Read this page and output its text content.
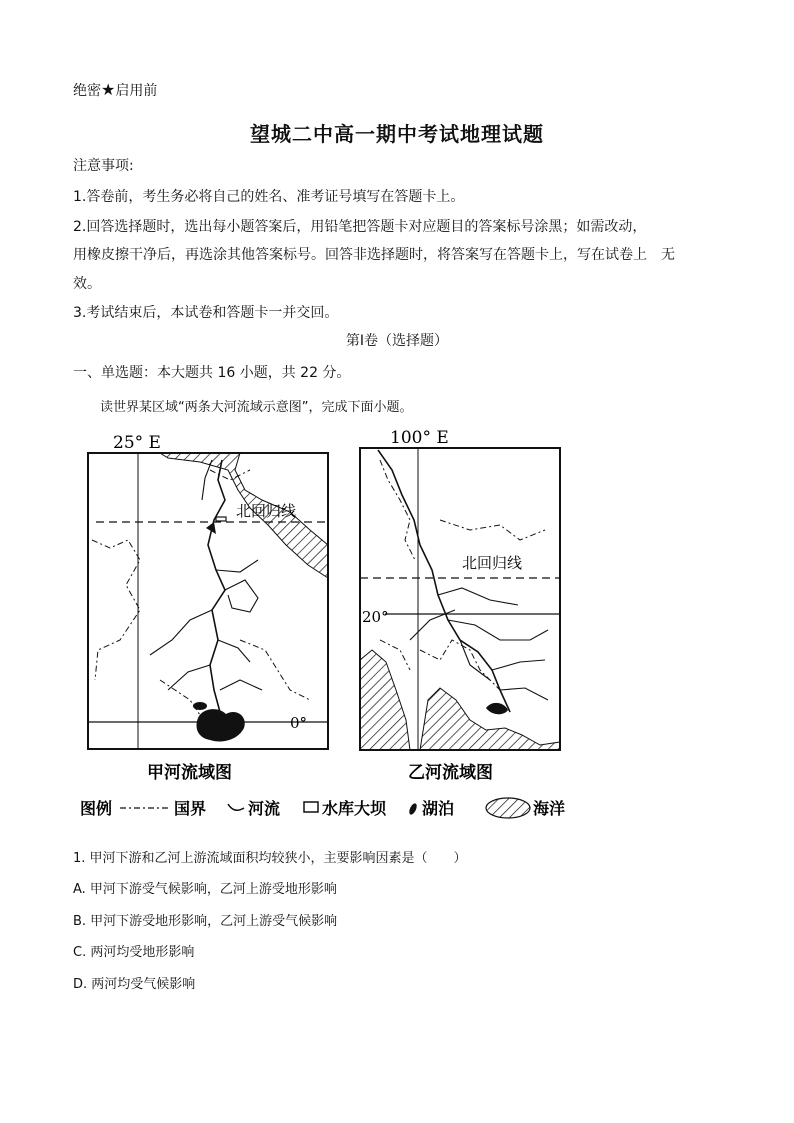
绝密★启用前
望城二中高一期中考试地理试题
注意事项:
1.答卷前，考生务必将自己的姓名、准考证号填写在答题卡上。
2.回答选择题时，选出每小题答案后，用铅笔把答题卡对应题目的答案标号涂黑；如需改动，
用橡皮擦干净后，再选涂其他答案标号。回答非选择题时，将答案写在答题卡上，写在试卷上　无
效。
3.考试结束后，本试卷和答题卡一并交回。
第Ⅰ卷（选择题）
一、单选题：本大题共 16 小题，共 22 分。
读世界某区域“两条大河流域示意图”，完成下面小题。
25° E
北回归线
0°
甲河流域图
100° E
北回归线
20°
乙河流域图
图例	国界	河流	水库大坝 湖泊	海洋
1. 甲河下游和乙河上游流域面积均较狭小，主要影响因素是（　　）
A. 甲河下游受气候影响，乙河上游受地形影响
B. 甲河下游受地形影响，乙河上游受气候影响
C. 两河均受地形影响
D. 两河均受气候影响
